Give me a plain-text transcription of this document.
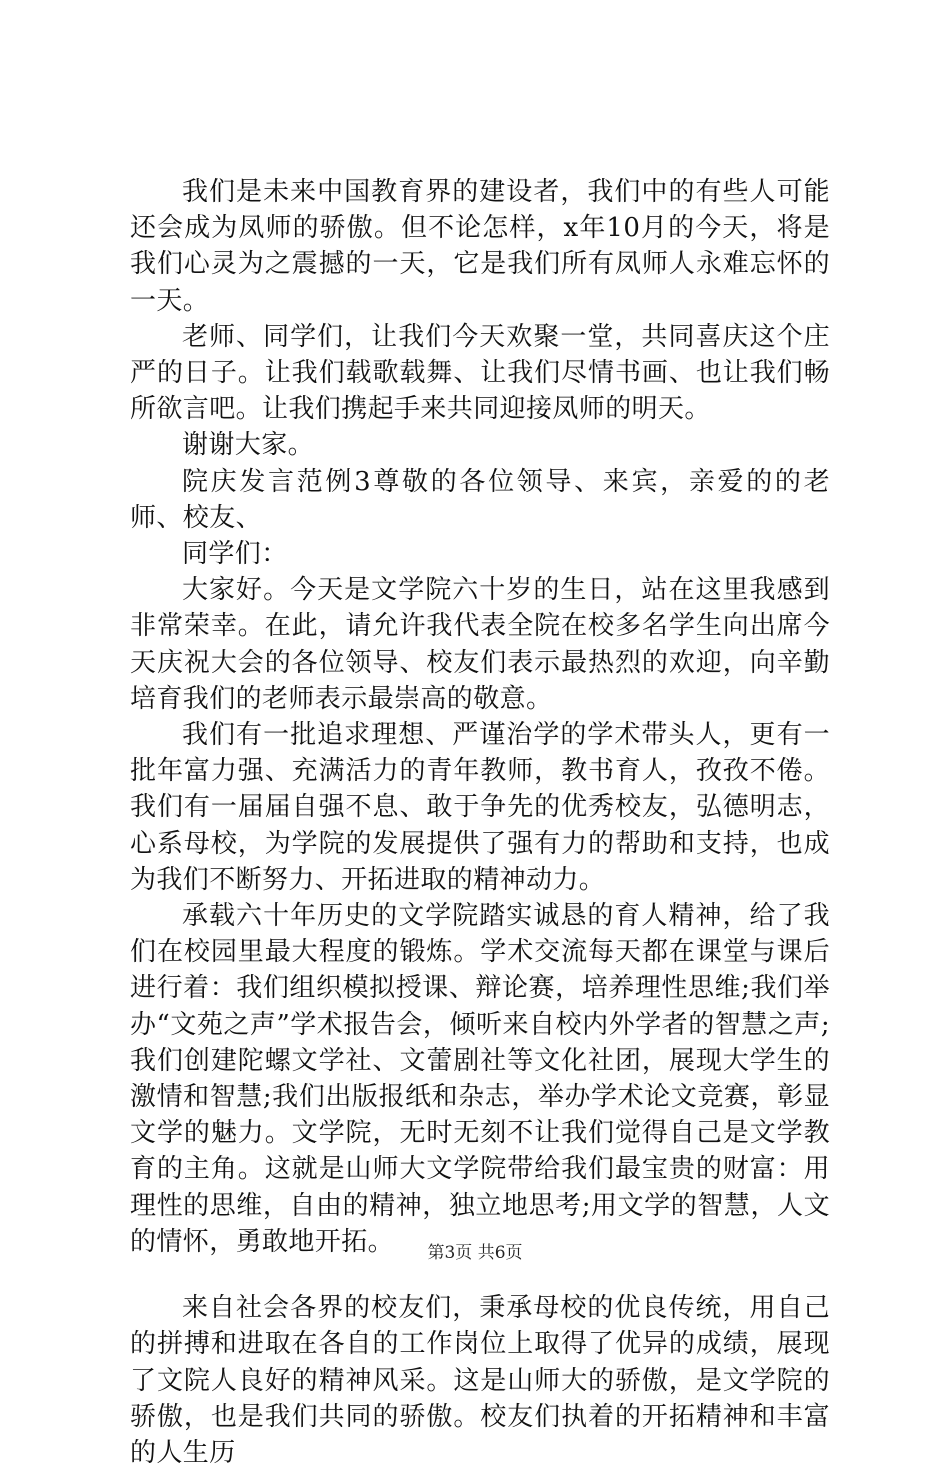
我们是未来中国教育界的建设者，我们中的有些人可能还会成为凤师的骄傲。但不论怎样，x年10月的今天，将是我们心灵为之震撼的一天，它是我们所有凤师人永难忘怀的一天。

老师、同学们，让我们今天欢聚一堂，共同喜庆这个庄严的日子。让我们载歌载舞、让我们尽情书画、也让我们畅所欲言吧。让我们携起手来共同迎接凤师的明天。

谢谢大家。

院庆发言范例3尊敬的各位领导、来宾，亲爱的的老师、校友、

同学们：

大家好。今天是文学院六十岁的生日，站在这里我感到非常荣幸。在此，请允许我代表全院在校多名学生向出席今天庆祝大会的各位领导、校友们表示最热烈的欢迎，向辛勤培育我们的老师表示最崇高的敬意。

我们有一批追求理想、严谨治学的学术带头人，更有一批年富力强、充满活力的青年教师，教书育人，孜孜不倦。我们有一届届自强不息、敢于争先的优秀校友，弘德明志，心系母校，为学院的发展提供了强有力的帮助和支持，也成为我们不断努力、开拓进取的精神动力。

承载六十年历史的文学院踏实诚恳的育人精神，给了我们在校园里最大程度的锻炼。学术交流每天都在课堂与课后进行着：我们组织模拟授课、辩论赛，培养理性思维;我们举办“文苑之声”学术报告会，倾听来自校内外学者的智慧之声;我们创建陀螺文学社、文蕾剧社等文化社团，展现大学生的激情和智慧;我们出版报纸和杂志，举办学术论文竞赛，彰显文学的魅力。文学院，无时无刻不让我们觉得自己是文学教育的主角。这就是山师大文学院带给我们最宝贵的财富：用理性的思维，自由的精神，独立地思考;用文学的智慧，人文的情怀，勇敢地开拓。

来自社会各界的校友们，秉承母校的优良传统，用自己的拼搏和进取在各自的工作岗位上取得了优异的成绩，展现了文院人良好的精神风采。这是山师大的骄傲，是文学院的骄傲，也是我们共同的骄傲。校友们执着的开拓精神和丰富的人生历

第3页 共6页
